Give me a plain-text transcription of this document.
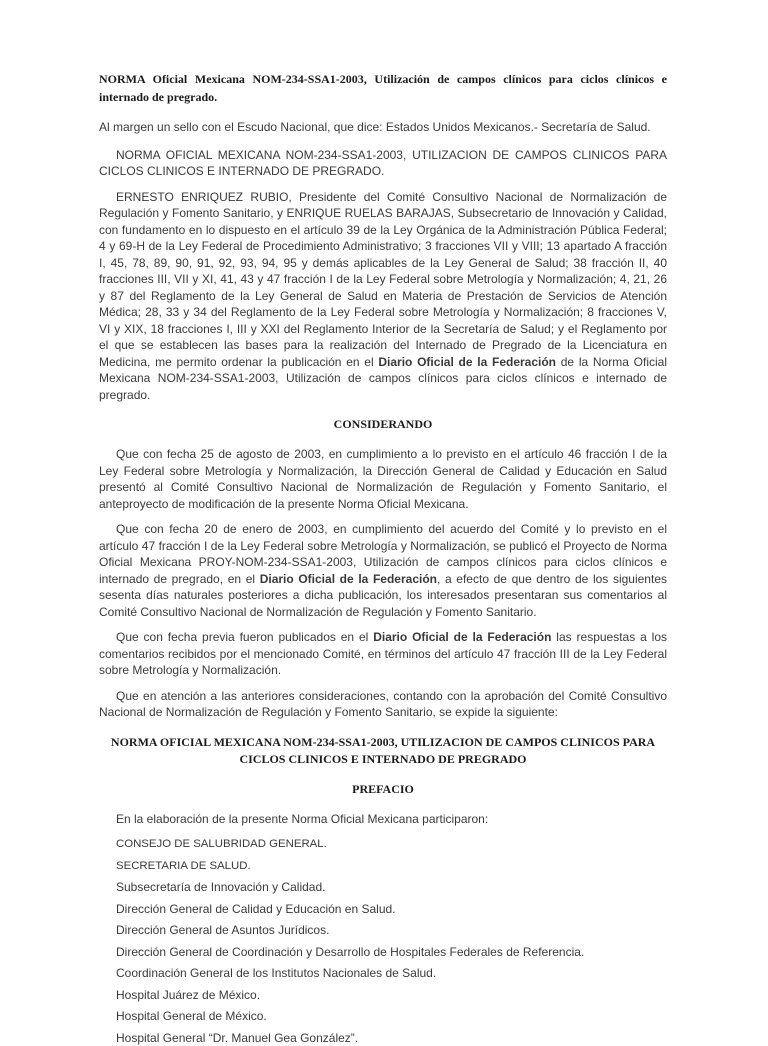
NORMA Oficial Mexicana NOM-234-SSA1-2003, Utilización de campos clínicos para ciclos clínicos e internado de pregrado.

Al margen un sello con el Escudo Nacional, que dice: Estados Unidos Mexicanos.- Secretaría de Salud.

NORMA OFICIAL MEXICANA NOM-234-SSA1-2003, UTILIZACION DE CAMPOS CLINICOS PARA CICLOS CLINICOS E INTERNADO DE PREGRADO.

ERNESTO ENRIQUEZ RUBIO, Presidente del Comité Consultivo Nacional de Normalización de Regulación y Fomento Sanitario, y ENRIQUE RUELAS BARAJAS, Subsecretario de Innovación y Calidad, con fundamento en lo dispuesto en el artículo 39 de la Ley Orgánica de la Administración Pública Federal; 4 y 69-H de la Ley Federal de Procedimiento Administrativo; 3 fracciones VII y VIII; 13 apartado A fracción I, 45, 78, 89, 90, 91, 92, 93, 94, 95 y demás aplicables de la Ley General de Salud; 38 fracción II, 40 fracciones III, VII y XI, 41, 43 y 47 fracción I de la Ley Federal sobre Metrología y Normalización; 4, 21, 26 y 87 del Reglamento de la Ley General de Salud en Materia de Prestación de Servicios de Atención Médica; 28, 33 y 34 del Reglamento de la Ley Federal sobre Metrología y Normalización; 8 fracciones V, VI y XIX, 18 fracciones I, III y XXI del Reglamento Interior de la Secretaría de Salud; y el Reglamento por el que se establecen las bases para la realización del Internado de Pregrado de la Licenciatura en Medicina, me permito ordenar la publicación en el Diario Oficial de la Federación de la Norma Oficial Mexicana NOM-234-SSA1-2003, Utilización de campos clínicos para ciclos clínicos e internado de pregrado.

CONSIDERANDO

Que con fecha 25 de agosto de 2003, en cumplimiento a lo previsto en el artículo 46 fracción I de la Ley Federal sobre Metrología y Normalización, la Dirección General de Calidad y Educación en Salud presentó al Comité Consultivo Nacional de Normalización de Regulación y Fomento Sanitario, el anteproyecto de modificación de la presente Norma Oficial Mexicana.

Que con fecha 20 de enero de 2003, en cumplimiento del acuerdo del Comité y lo previsto en el artículo 47 fracción I de la Ley Federal sobre Metrología y Normalización, se publicó el Proyecto de Norma Oficial Mexicana PROY-NOM-234-SSA1-2003, Utilización de campos clínicos para ciclos clínicos e internado de pregrado, en el Diario Oficial de la Federación, a efecto de que dentro de los siguientes sesenta días naturales posteriores a dicha publicación, los interesados presentaran sus comentarios al Comité Consultivo Nacional de Normalización de Regulación y Fomento Sanitario.

Que con fecha previa fueron publicados en el Diario Oficial de la Federación las respuestas a los comentarios recibidos por el mencionado Comité, en términos del artículo 47 fracción III de la Ley Federal sobre Metrología y Normalización.

Que en atención a las anteriores consideraciones, contando con la aprobación del Comité Consultivo Nacional de Normalización de Regulación y Fomento Sanitario, se expide la siguiente:

NORMA OFICIAL MEXICANA NOM-234-SSA1-2003, UTILIZACION DE CAMPOS CLINICOS PARA CICLOS CLINICOS E INTERNADO DE PREGRADO

PREFACIO

En la elaboración de la presente Norma Oficial Mexicana participaron:

CONSEJO DE SALUBRIDAD GENERAL.

SECRETARIA DE SALUD.

Subsecretaría de Innovación y Calidad.

Dirección General de Calidad y Educación en Salud.

Dirección General de Asuntos Jurídicos.

Dirección General de Coordinación y Desarrollo de Hospitales Federales de Referencia.

Coordinación General de los Institutos Nacionales de Salud.

Hospital Juárez de México.

Hospital General de México.

Hospital General “Dr. Manuel Gea González”.
